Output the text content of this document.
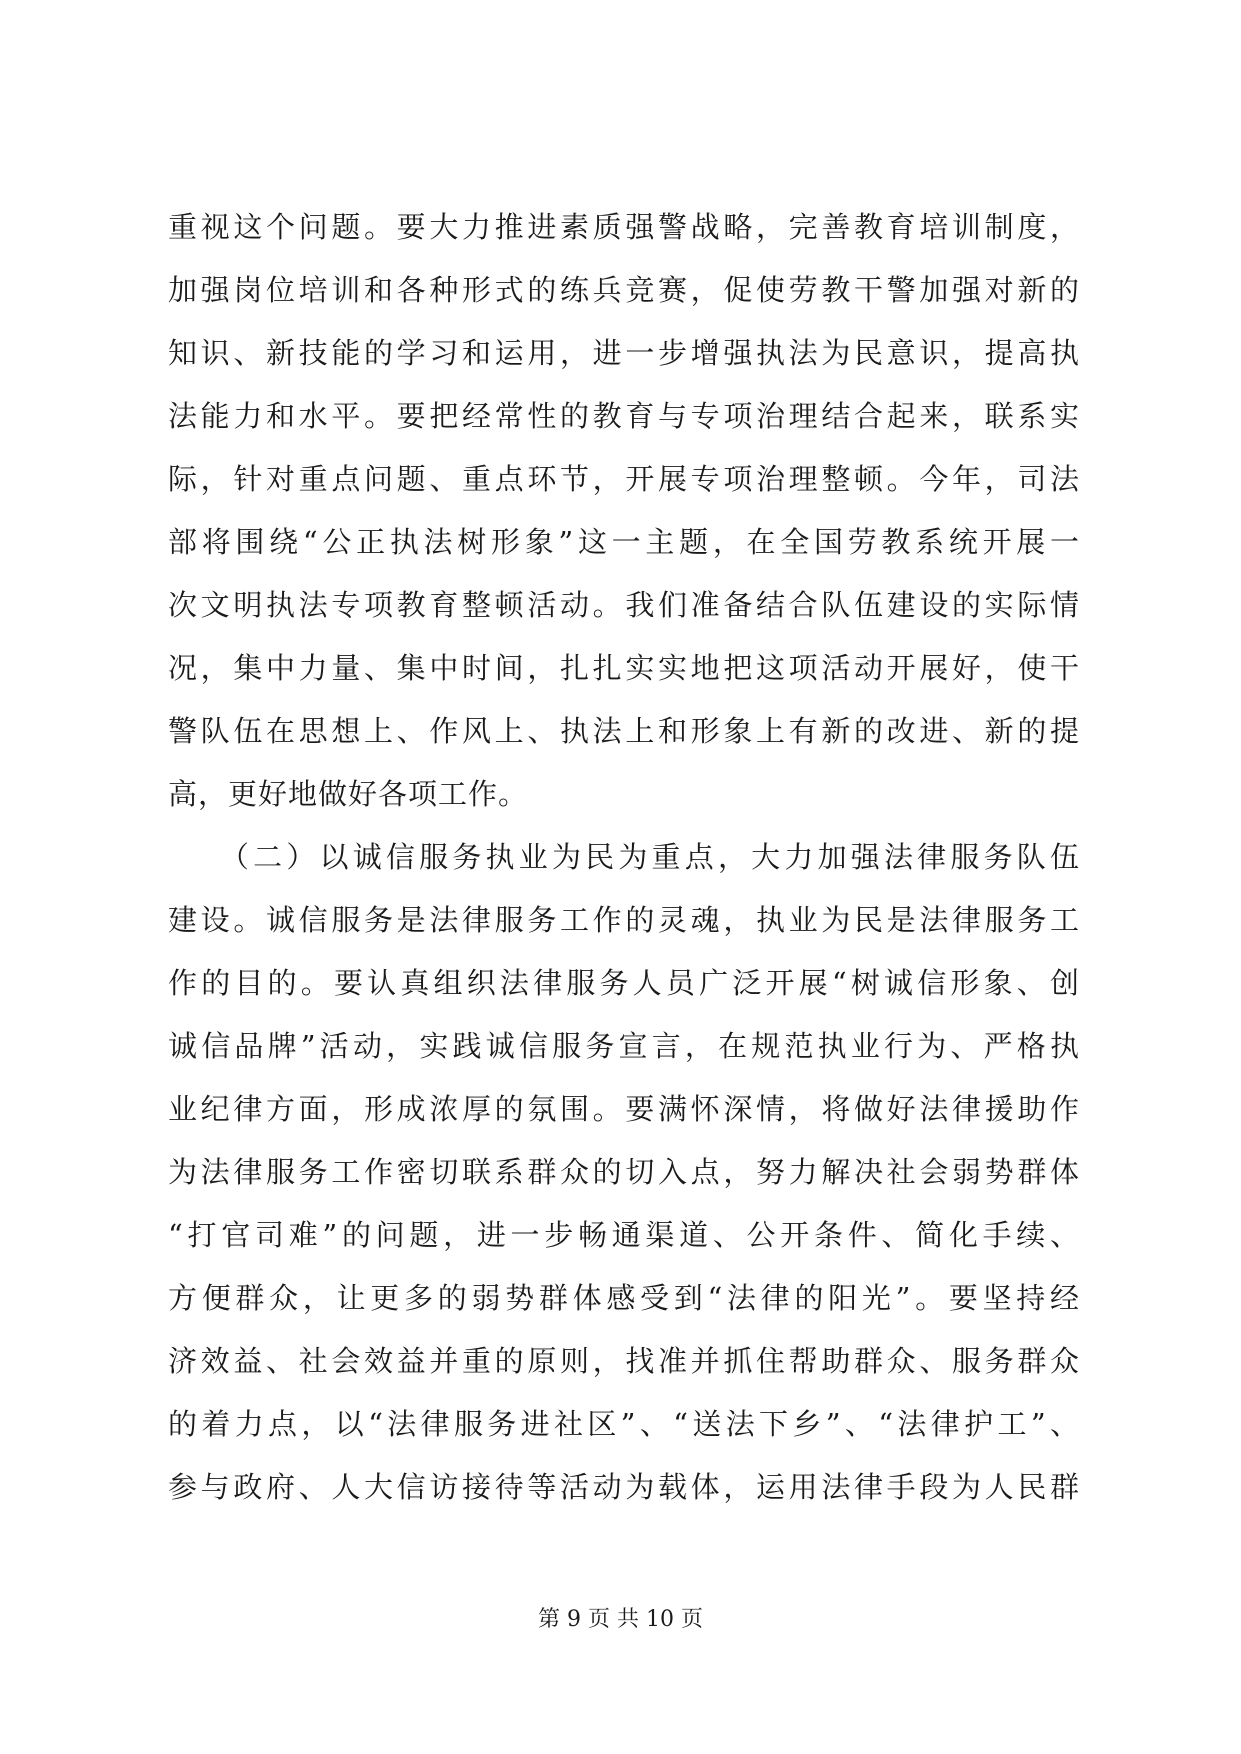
重视这个问题。要大力推进素质强警战略，完善教育培训制度，
加强岗位培训和各种形式的练兵竞赛，促使劳教干警加强对新的
知识、新技能的学习和运用，进一步增强执法为民意识，提高执
法能力和水平。要把经常性的教育与专项治理结合起来，联系实
际，针对重点问题、重点环节，开展专项治理整顿。今年，司法
部将围绕“公正执法树形象”这一主题，在全国劳教系统开展一
次文明执法专项教育整顿活动。我们准备结合队伍建设的实际情
况，集中力量、集中时间，扎扎实实地把这项活动开展好，使干
警队伍在思想上、作风上、执法上和形象上有新的改进、新的提
高，更好地做好各项工作。
　　（二）以诚信服务执业为民为重点，大力加强法律服务队伍
建设。诚信服务是法律服务工作的灵魂，执业为民是法律服务工
作的目的。要认真组织法律服务人员广泛开展“树诚信形象、创
诚信品牌”活动，实践诚信服务宣言，在规范执业行为、严格执
业纪律方面，形成浓厚的氛围。要满怀深情，将做好法律援助作
为法律服务工作密切联系群众的切入点，努力解决社会弱势群体
“打官司难”的问题，进一步畅通渠道、公开条件、简化手续、
方便群众，让更多的弱势群体感受到“法律的阳光”。要坚持经
济效益、社会效益并重的原则，找准并抓住帮助群众、服务群众
的着力点，以“法律服务进社区”、“送法下乡”、“法律护工”、
参与政府、人大信访接待等活动为载体，运用法律手段为人民群
第 9 页 共 10 页
